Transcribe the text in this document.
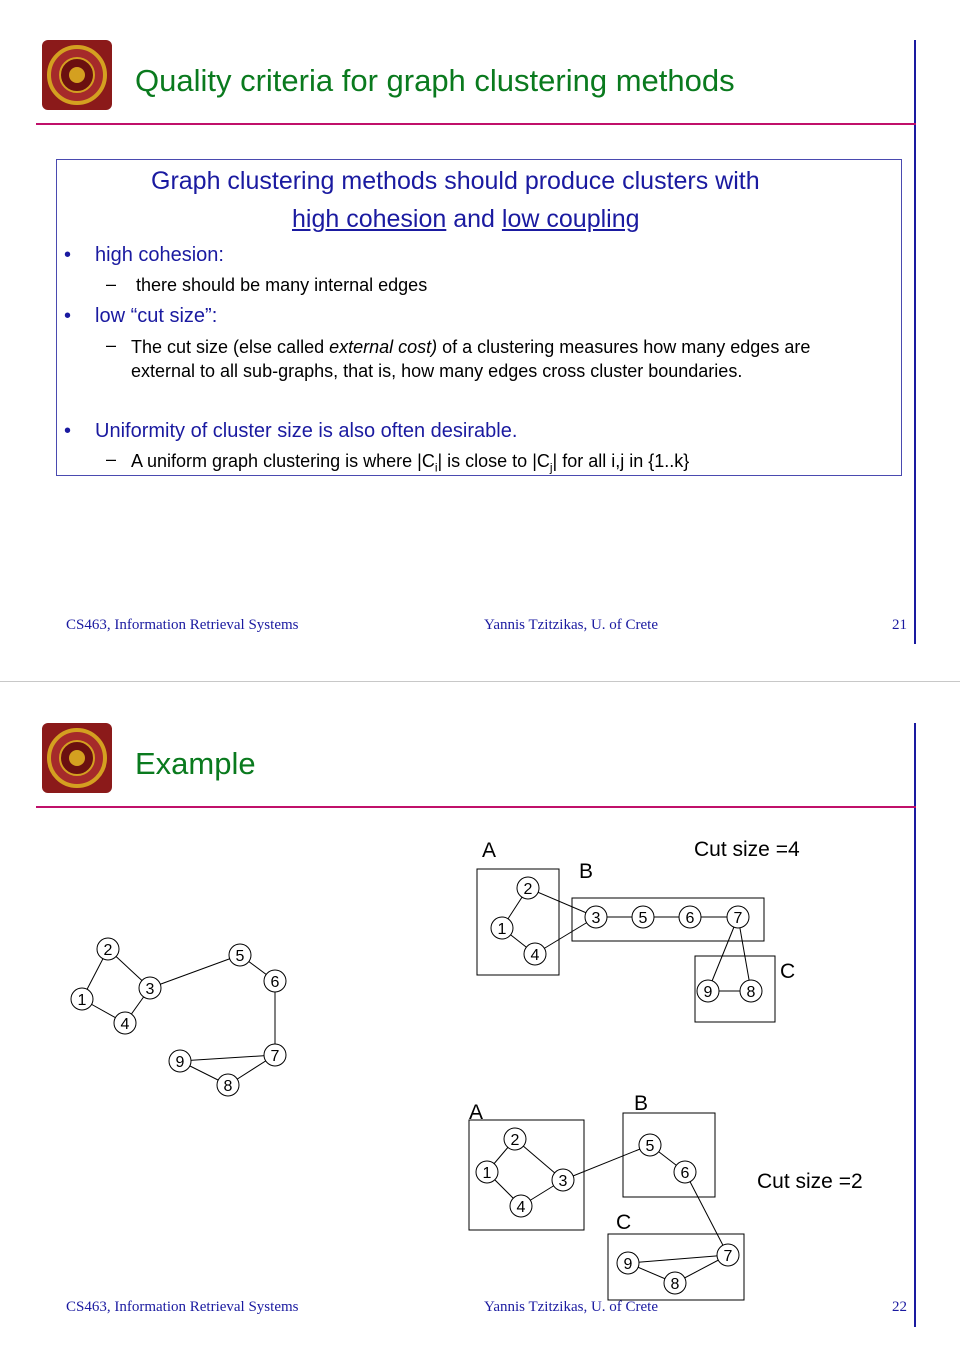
Quality criteria for graph clustering methods
Graph clustering methods should produce clusters with
high cohesion and low coupling
• high cohesion:
– there should be many internal edges
• low “cut size”:
– The cut size (else called external cost) of a clustering measures how many edges are
external to all sub-graphs, that is, how many edges cross cluster boundaries.
• Uniformity of cluster size is also often desirable.
– A uniform graph clustering is where $|C_i|$ is close to $|C_j|$ for all i,j in {1..k}
CS463, Information Retrieval Systems	Yannis Tzitzikas, U. of Crete	21
Example
1
2
3
4
5
6
7
8
9
1
2
3
4
5 6 7
8
9
1
2
3
4
5
6
7
8
9
A
B
C
Cut size =4
A	B
C
Cut size =2
CS463, Information Retrieval Systems	Yannis Tzitzikas, U. of Crete	22
